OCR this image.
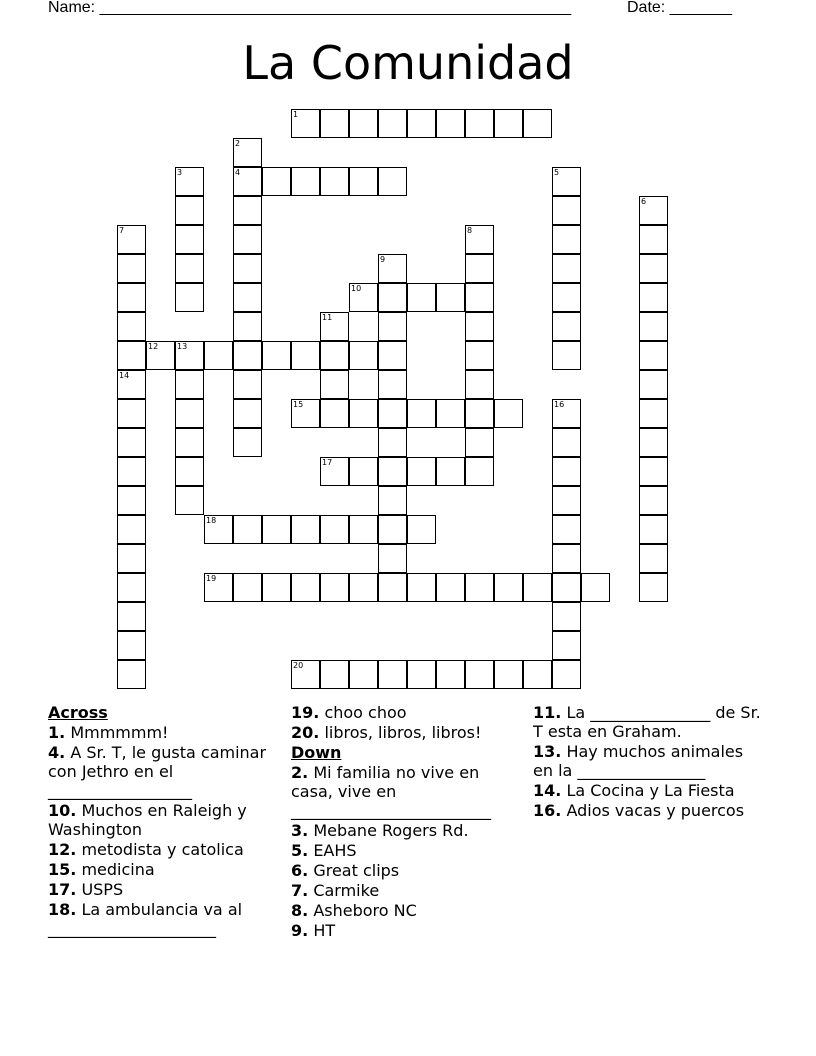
Name: _____________________________________________________	Date: _______
La Comunidad
1
2
3	4	5
6
7	8
9
10
11
12 13
14
15	16
17
18
19
20
Across
1. Mmmmmm!
4. A Sr. T, le gusta caminar con Jethro en el __________________
10. Muchos en Raleigh y Washington
12. metodista y catolica
15. medicina
17. USPS
18. La ambulancia va al _____________________
19. choo choo
20. libros, libros, libros!
Down
2. Mi familia no vive en casa, vive en _________________________
3. Mebane Rogers Rd.
5. EAHS
6. Great clips
7. Carmike
8. Asheboro NC
9. HT
11. La _______________ de Sr. T esta en Graham.
13. Hay muchos animales en la ________________
14. La Cocina y La Fiesta
16. Adios vacas y puercos
